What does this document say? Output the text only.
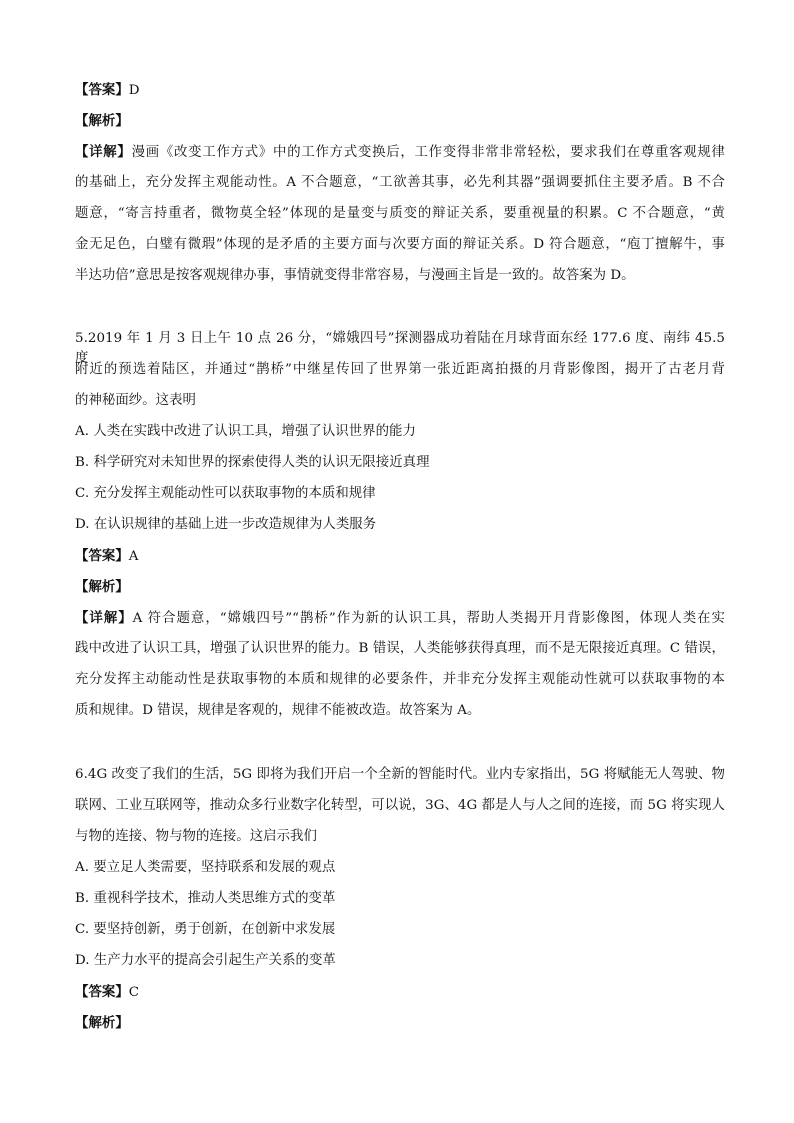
【答案】D
【解析】
【详解】漫画《改变工作方式》中的工作方式变换后，工作变得非常非常轻松，要求我们在尊重客观规律
的基础上，充分发挥主观能动性。A 不合题意，“工欲善其事，必先利其器”强调要抓住主要矛盾。B 不合
题意，“寄言持重者，微物莫全轻”体现的是量变与质变的辩证关系，要重视量的积累。C 不合题意，“黄
金无足色，白璧有微瑕”体现的是矛盾的主要方面与次要方面的辩证关系。D 符合题意，“庖丁擅解牛，事
半达功倍”意思是按客观规律办事，事情就变得非常容易，与漫画主旨是一致的。故答案为 D。
5.2019 年 1 月 3 日上午 10 点 26 分，“嫦娥四号”探测器成功着陆在月球背面东经 177.6 度、南纬 45.5 度
附近的预选着陆区，并通过“鹊桥”中继星传回了世界第一张近距离拍摄的月背影像图，揭开了古老月背
的神秘面纱。这表明
A. 人类在实践中改进了认识工具，增强了认识世界的能力
B. 科学研究对未知世界的探索使得人类的认识无限接近真理
C. 充分发挥主观能动性可以获取事物的本质和规律
D. 在认识规律的基础上进一步改造规律为人类服务
【答案】A
【解析】
【详解】A 符合题意，“嫦娥四号”“鹊桥”作为新的认识工具，帮助人类揭开月背影像图，体现人类在实
践中改进了认识工具，增强了认识世界的能力。B 错误，人类能够获得真理，而不是无限接近真理。C 错误，
充分发挥主动能动性是获取事物的本质和规律的必要条件，并非充分发挥主观能动性就可以获取事物的本
质和规律。D 错误，规律是客观的，规律不能被改造。故答案为 A。
6.4G 改变了我们的生活，5G 即将为我们开启一个全新的智能时代。业内专家指出，5G 将赋能无人驾驶、物
联网、工业互联网等，推动众多行业数字化转型，可以说，3G、4G 都是人与人之间的连接，而 5G 将实现人
与物的连接、物与物的连接。这启示我们
A. 要立足人类需要，坚持联系和发展的观点
B. 重视科学技术，推动人类思维方式的变革
C. 要坚持创新，勇于创新，在创新中求发展
D. 生产力水平的提高会引起生产关系的变革
【答案】C
【解析】
